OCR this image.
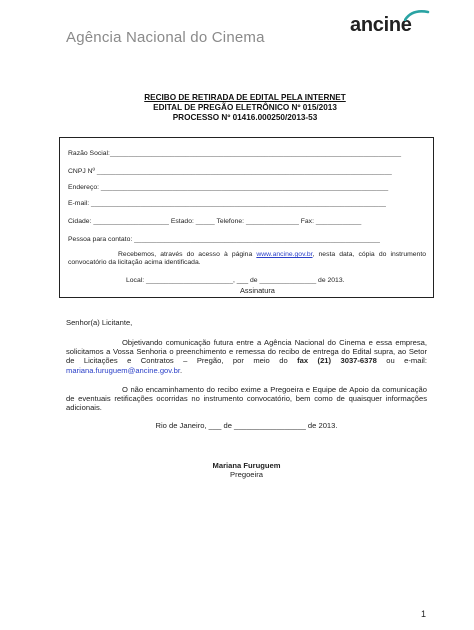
Agência Nacional do Cinema
ancine
RECIBO DE RETIRADA DE EDITAL PELA INTERNET
EDITAL DE PREGÃO ELETRÔNICO Nº 015/2013
PROCESSO Nº 01416.000250/2013-53
Razão Social:_____________________________________________________________________________
CNPJ Nº ______________________________________________________________________________
Endereço: ____________________________________________________________________________
E-mail: ______________________________________________________________________________
Cidade: ____________________ Estado: _____ Telefone: ______________ Fax: ____________
Pessoa para contato: _________________________________________________________________
Recebemos, através do acesso à página www.ancine.gov.br, nesta data, cópia do instrumento convocatório da licitação acima identificada.
Local: _______________________, ___ de _______________ de 2013.
Assinatura
Senhor(a) Licitante,
Objetivando comunicação futura entre a Agência Nacional do Cinema e essa empresa, solicitamos a Vossa Senhoria o preenchimento e remessa do recibo de entrega do Edital supra, ao Setor de Licitações e Contratos – Pregão, por meio do fax (21) 3037-6378 ou e-mail: mariana.furuguem@ancine.gov.br.
O não encaminhamento do recibo exime a Pregoeira e Equipe de Apoio da comunicação de eventuais retificações ocorridas no instrumento convocatório, bem como de quaisquer informações adicionais.
Rio de Janeiro, ___ de _________________ de 2013.
Mariana Furuguem
Pregoeira
1
